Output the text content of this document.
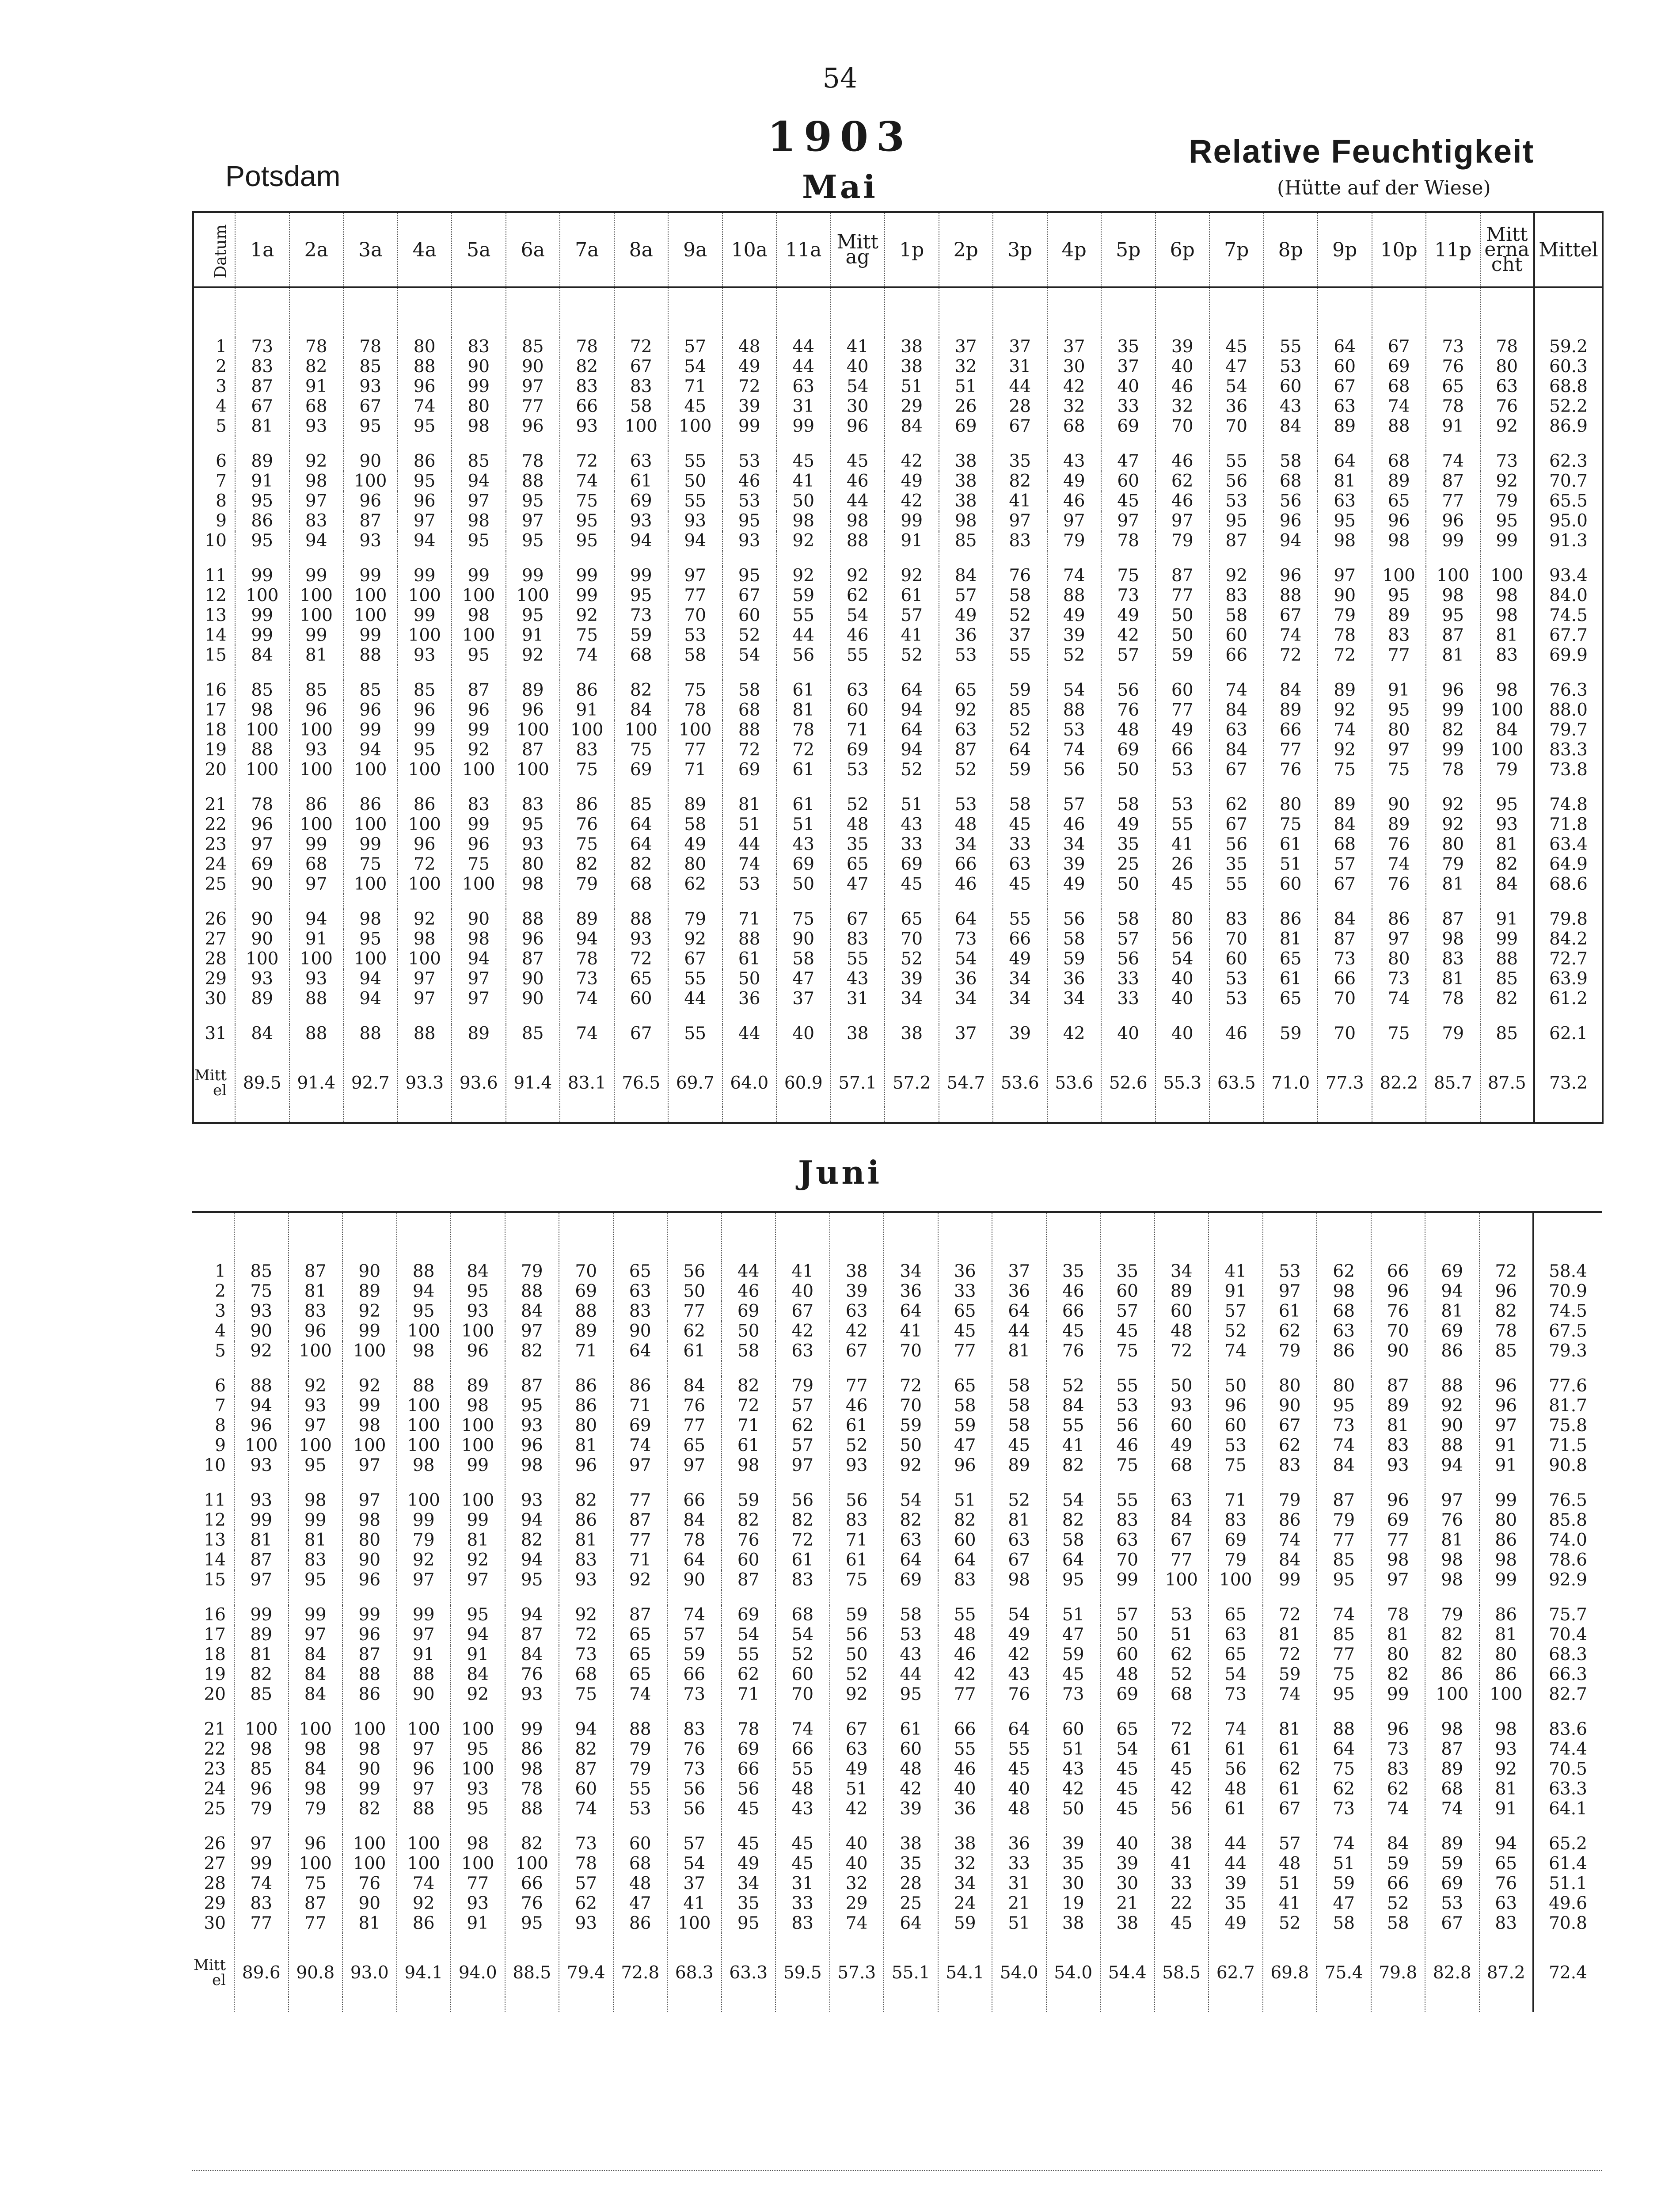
54
1903
Potsdam
Relative Feuchtigkeit
(Hütte auf der Wiese)
Mai
Juni
Datum	1a	2a	3a	4a	5a	6a	7a	8a	9a	10a	11a	Mittag	1p	2p	3p	4p	5p	6p	7p	8p	9p	10p	11p	Mitternacht	Mittel

1	73	78	78	80	83	85	78	72	57	48	44	41	38	37	37	37	35	39	45	55	64	67	73	78	59.2
2	83	82	85	88	90	90	82	67	54	49	44	40	38	32	31	30	37	40	47	53	60	69	76	80	60.3
3	87	91	93	96	99	97	83	83	71	72	63	54	51	51	44	42	40	46	54	60	67	68	65	63	68.8
4	67	68	67	74	80	77	66	58	45	39	31	30	29	26	28	32	33	32	36	43	63	74	78	76	52.2
5	81	93	95	95	98	96	93	100	100	99	99	96	84	69	67	68	69	70	70	84	89	88	91	92	86.9

6	89	92	90	86	85	78	72	63	55	53	45	45	42	38	35	43	47	46	55	58	64	68	74	73	62.3
7	91	98	100	95	94	88	74	61	50	46	41	46	49	38	82	49	60	62	56	68	81	89	87	92	70.7
8	95	97	96	96	97	95	75	69	55	53	50	44	42	38	41	46	45	46	53	56	63	65	77	79	65.5
9	86	83	87	97	98	97	95	93	93	95	98	98	99	98	97	97	97	97	95	96	95	96	96	95	95.0
10	95	94	93	94	95	95	95	94	94	93	92	88	91	85	83	79	78	79	87	94	98	98	99	99	91.3

11	99	99	99	99	99	99	99	99	97	95	92	92	92	84	76	74	75	87	92	96	97	100	100	100	93.4
12	100	100	100	100	100	100	99	95	77	67	59	62	61	57	58	88	73	77	83	88	90	95	98	98	84.0
13	99	100	100	99	98	95	92	73	70	60	55	54	57	49	52	49	49	50	58	67	79	89	95	98	74.5
14	99	99	99	100	100	91	75	59	53	52	44	46	41	36	37	39	42	50	60	74	78	83	87	81	67.7
15	84	81	88	93	95	92	74	68	58	54	56	55	52	53	55	52	57	59	66	72	72	77	81	83	69.9

16	85	85	85	85	87	89	86	82	75	58	61	63	64	65	59	54	56	60	74	84	89	91	96	98	76.3
17	98	96	96	96	96	96	91	84	78	68	81	60	94	92	85	88	76	77	84	89	92	95	99	100	88.0
18	100	100	99	99	99	100	100	100	100	88	78	71	64	63	52	53	48	49	63	66	74	80	82	84	79.7
19	88	93	94	95	92	87	83	75	77	72	72	69	94	87	64	74	69	66	84	77	92	97	99	100	83.3
20	100	100	100	100	100	100	75	69	71	69	61	53	52	52	59	56	50	53	67	76	75	75	78	79	73.8

21	78	86	86	86	83	83	86	85	89	81	61	52	51	53	58	57	58	53	62	80	89	90	92	95	74.8
22	96	100	100	100	99	95	76	64	58	51	51	48	43	48	45	46	49	55	67	75	84	89	92	93	71.8
23	97	99	99	96	96	93	75	64	49	44	43	35	33	34	33	34	35	41	56	61	68	76	80	81	63.4
24	69	68	75	72	75	80	82	82	80	74	69	65	69	66	63	39	25	26	35	51	57	74	79	82	64.9
25	90	97	100	100	100	98	79	68	62	53	50	47	45	46	45	49	50	45	55	60	67	76	81	84	68.6

26	90	94	98	92	90	88	89	88	79	71	75	67	65	64	55	56	58	80	83	86	84	86	87	91	79.8
27	90	91	95	98	98	96	94	93	92	88	90	83	70	73	66	58	57	56	70	81	87	97	98	99	84.2
28	100	100	100	100	94	87	78	72	67	61	58	55	52	54	49	59	56	54	60	65	73	80	83	88	72.7
29	93	93	94	97	97	90	73	65	55	50	47	43	39	36	34	36	33	40	53	61	66	73	81	85	63.9
30	89	88	94	97	97	90	74	60	44	36	37	31	34	34	34	34	33	40	53	65	70	74	78	82	61.2

31	84	88	88	88	89	85	74	67	55	44	40	38	38	37	39	42	40	40	46	59	70	75	79	85	62.1

Mittel	89.5	91.4	92.7	93.3	93.6	91.4	83.1	76.5	69.7	64.0	60.9	57.1	57.2	54.7	53.6	53.6	52.6	55.3	63.5	71.0	77.3	82.2	85.7	87.5	73.2

1	85	87	90	88	84	79	70	65	56	44	41	38	34	36	37	35	35	34	41	53	62	66	69	72	58.4
2	75	81	89	94	95	88	69	63	50	46	40	39	36	33	36	46	60	89	91	97	98	96	94	96	70.9
3	93	83	92	95	93	84	88	83	77	69	67	63	64	65	64	66	57	60	57	61	68	76	81	82	74.5
4	90	96	99	100	100	97	89	90	62	50	42	42	41	45	44	45	45	48	52	62	63	70	69	78	67.5
5	92	100	100	98	96	82	71	64	61	58	63	67	70	77	81	76	75	72	74	79	86	90	86	85	79.3

6	88	92	92	88	89	87	86	86	84	82	79	77	72	65	58	52	55	50	50	80	80	87	88	96	77.6
7	94	93	99	100	98	95	86	71	76	72	57	46	70	58	58	84	53	93	96	90	95	89	92	96	81.7
8	96	97	98	100	100	93	80	69	77	71	62	61	59	59	58	55	56	60	60	67	73	81	90	97	75.8
9	100	100	100	100	100	96	81	74	65	61	57	52	50	47	45	41	46	49	53	62	74	83	88	91	71.5
10	93	95	97	98	99	98	96	97	97	98	97	93	92	96	89	82	75	68	75	83	84	93	94	91	90.8

11	93	98	97	100	100	93	82	77	66	59	56	56	54	51	52	54	55	63	71	79	87	96	97	99	76.5
12	99	99	98	99	99	94	86	87	84	82	82	83	82	82	81	82	83	84	83	86	79	69	76	80	85.8
13	81	81	80	79	81	82	81	77	78	76	72	71	63	60	63	58	63	67	69	74	77	77	81	86	74.0
14	87	83	90	92	92	94	83	71	64	60	61	61	64	64	67	64	70	77	79	84	85	98	98	98	78.6
15	97	95	96	97	97	95	93	92	90	87	83	75	69	83	98	95	99	100	100	99	95	97	98	99	92.9

16	99	99	99	99	95	94	92	87	74	69	68	59	58	55	54	51	57	53	65	72	74	78	79	86	75.7
17	89	97	96	97	94	87	72	65	57	54	54	56	53	48	49	47	50	51	63	81	85	81	82	81	70.4
18	81	84	87	91	91	84	73	65	59	55	52	50	43	46	42	59	60	62	65	72	77	80	82	80	68.3
19	82	84	88	88	84	76	68	65	66	62	60	52	44	42	43	45	48	52	54	59	75	82	86	86	66.3
20	85	84	86	90	92	93	75	74	73	71	70	92	95	77	76	73	69	68	73	74	95	99	100	100	82.7

21	100	100	100	100	100	99	94	88	83	78	74	67	61	66	64	60	65	72	74	81	88	96	98	98	83.6
22	98	98	98	97	95	86	82	79	76	69	66	63	60	55	55	51	54	61	61	61	64	73	87	93	74.4
23	85	84	90	96	100	98	87	79	73	66	55	49	48	46	45	43	45	45	56	62	75	83	89	92	70.5
24	96	98	99	97	93	78	60	55	56	56	48	51	42	40	40	42	45	42	48	61	62	62	68	81	63.3
25	79	79	82	88	95	88	74	53	56	45	43	42	39	36	48	50	45	56	61	67	73	74	74	91	64.1

26	97	96	100	100	98	82	73	60	57	45	45	40	38	38	36	39	40	38	44	57	74	84	89	94	65.2
27	99	100	100	100	100	100	78	68	54	49	45	40	35	32	33	35	39	41	44	48	51	59	59	65	61.4
28	74	75	76	74	77	66	57	48	37	34	31	32	28	34	31	30	30	33	39	51	59	66	69	76	51.1
29	83	87	90	92	93	76	62	47	41	35	33	29	25	24	21	19	21	22	35	41	47	52	53	63	49.6
30	77	77	81	86	91	95	93	86	100	95	83	74	64	59	51	38	38	45	49	52	58	58	67	83	70.8

Mittel	89.6	90.8	93.0	94.1	94.0	88.5	79.4	72.8	68.3	63.3	59.5	57.3	55.1	54.1	54.0	54.0	54.4	58.5	62.7	69.8	75.4	79.8	82.8	87.2	72.4
